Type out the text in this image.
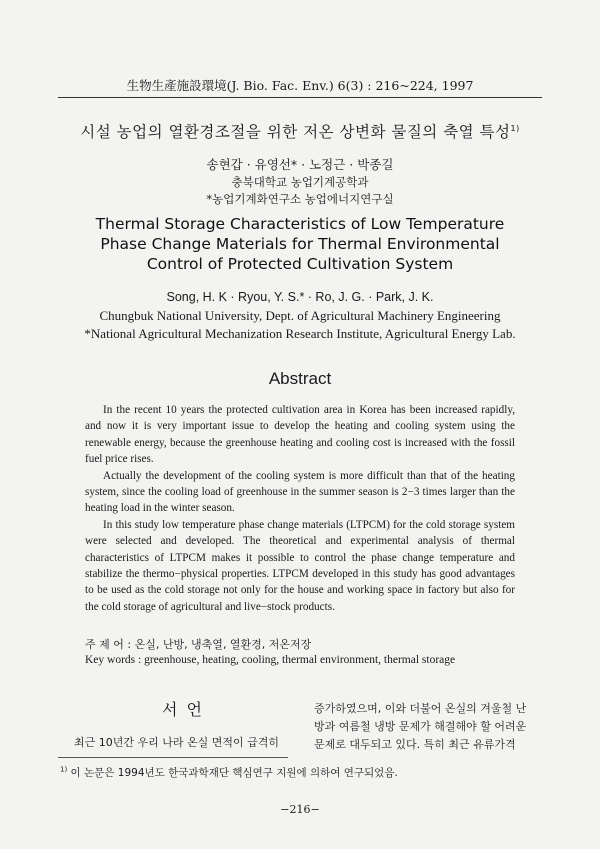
生物生產施設環境(J. Bio. Fac. Env.) 6(3) : 216~224, 1997
시설 농업의 열환경조절을 위한 저온 상변화 물질의 축열 특성$^{1)}$
송현갑 · 유영선* · 노정근 · 박종길
충북대학교 농업기계공학과
*농업기계화연구소 농업에너지연구실
Thermal Storage Characteristics of Low Temperature
Phase Change Materials for Thermal Environmental
Control of Protected Cultivation System
Song, H. K · Ryou, Y. S.* · Ro, J. G. · Park, J. K.
Chungbuk National University, Dept. of Agricultural Machinery Engineering
*National Agricultural Mechanization Research Institute, Agricultural Energy Lab.
Abstract

In the recent 10 years the protected cultivation area in Korea has been increased rapidly, and now it is very important issue to develop the heating and cooling system using the renewable energy, because the greenhouse heating and cooling cost is increased with the fossil fuel price rises.

Actually the development of the cooling system is more difficult than that of the heating system, since the cooling load of greenhouse in the summer season is 2−3 times larger than the heating load in the winter season.

In this study low temperature phase change materials (LTPCM) for the cold storage system were selected and developed. The theoretical and experimental analysis of thermal characteristics of LTPCM makes it possible to control the phase change temperature and stabilize the thermo−physical properties. LTPCM developed in this study has good advantages to be used as the cold storage not only for the house and working space in factory but also for the cold storage of agricultural and live−stock products.

주 제 어 : 온실, 난방, 냉축열, 열환경, 저온저장
Key words : greenhouse, heating, cooling, thermal environment, thermal storage
서 언
최근 10년간 우리 나라 온실 면적이 급격히
증가하였으며, 이와 더불어 온실의 겨울철 난
방과 여름철 냉방 문제가 해결해야 할 어려운
문제로 대두되고 있다. 특히 최근 유류가격
$^{1)}$ 이 논문은 1994년도 한국과학재단 핵심연구 지원에 의하여 연구되었음.
−216−
